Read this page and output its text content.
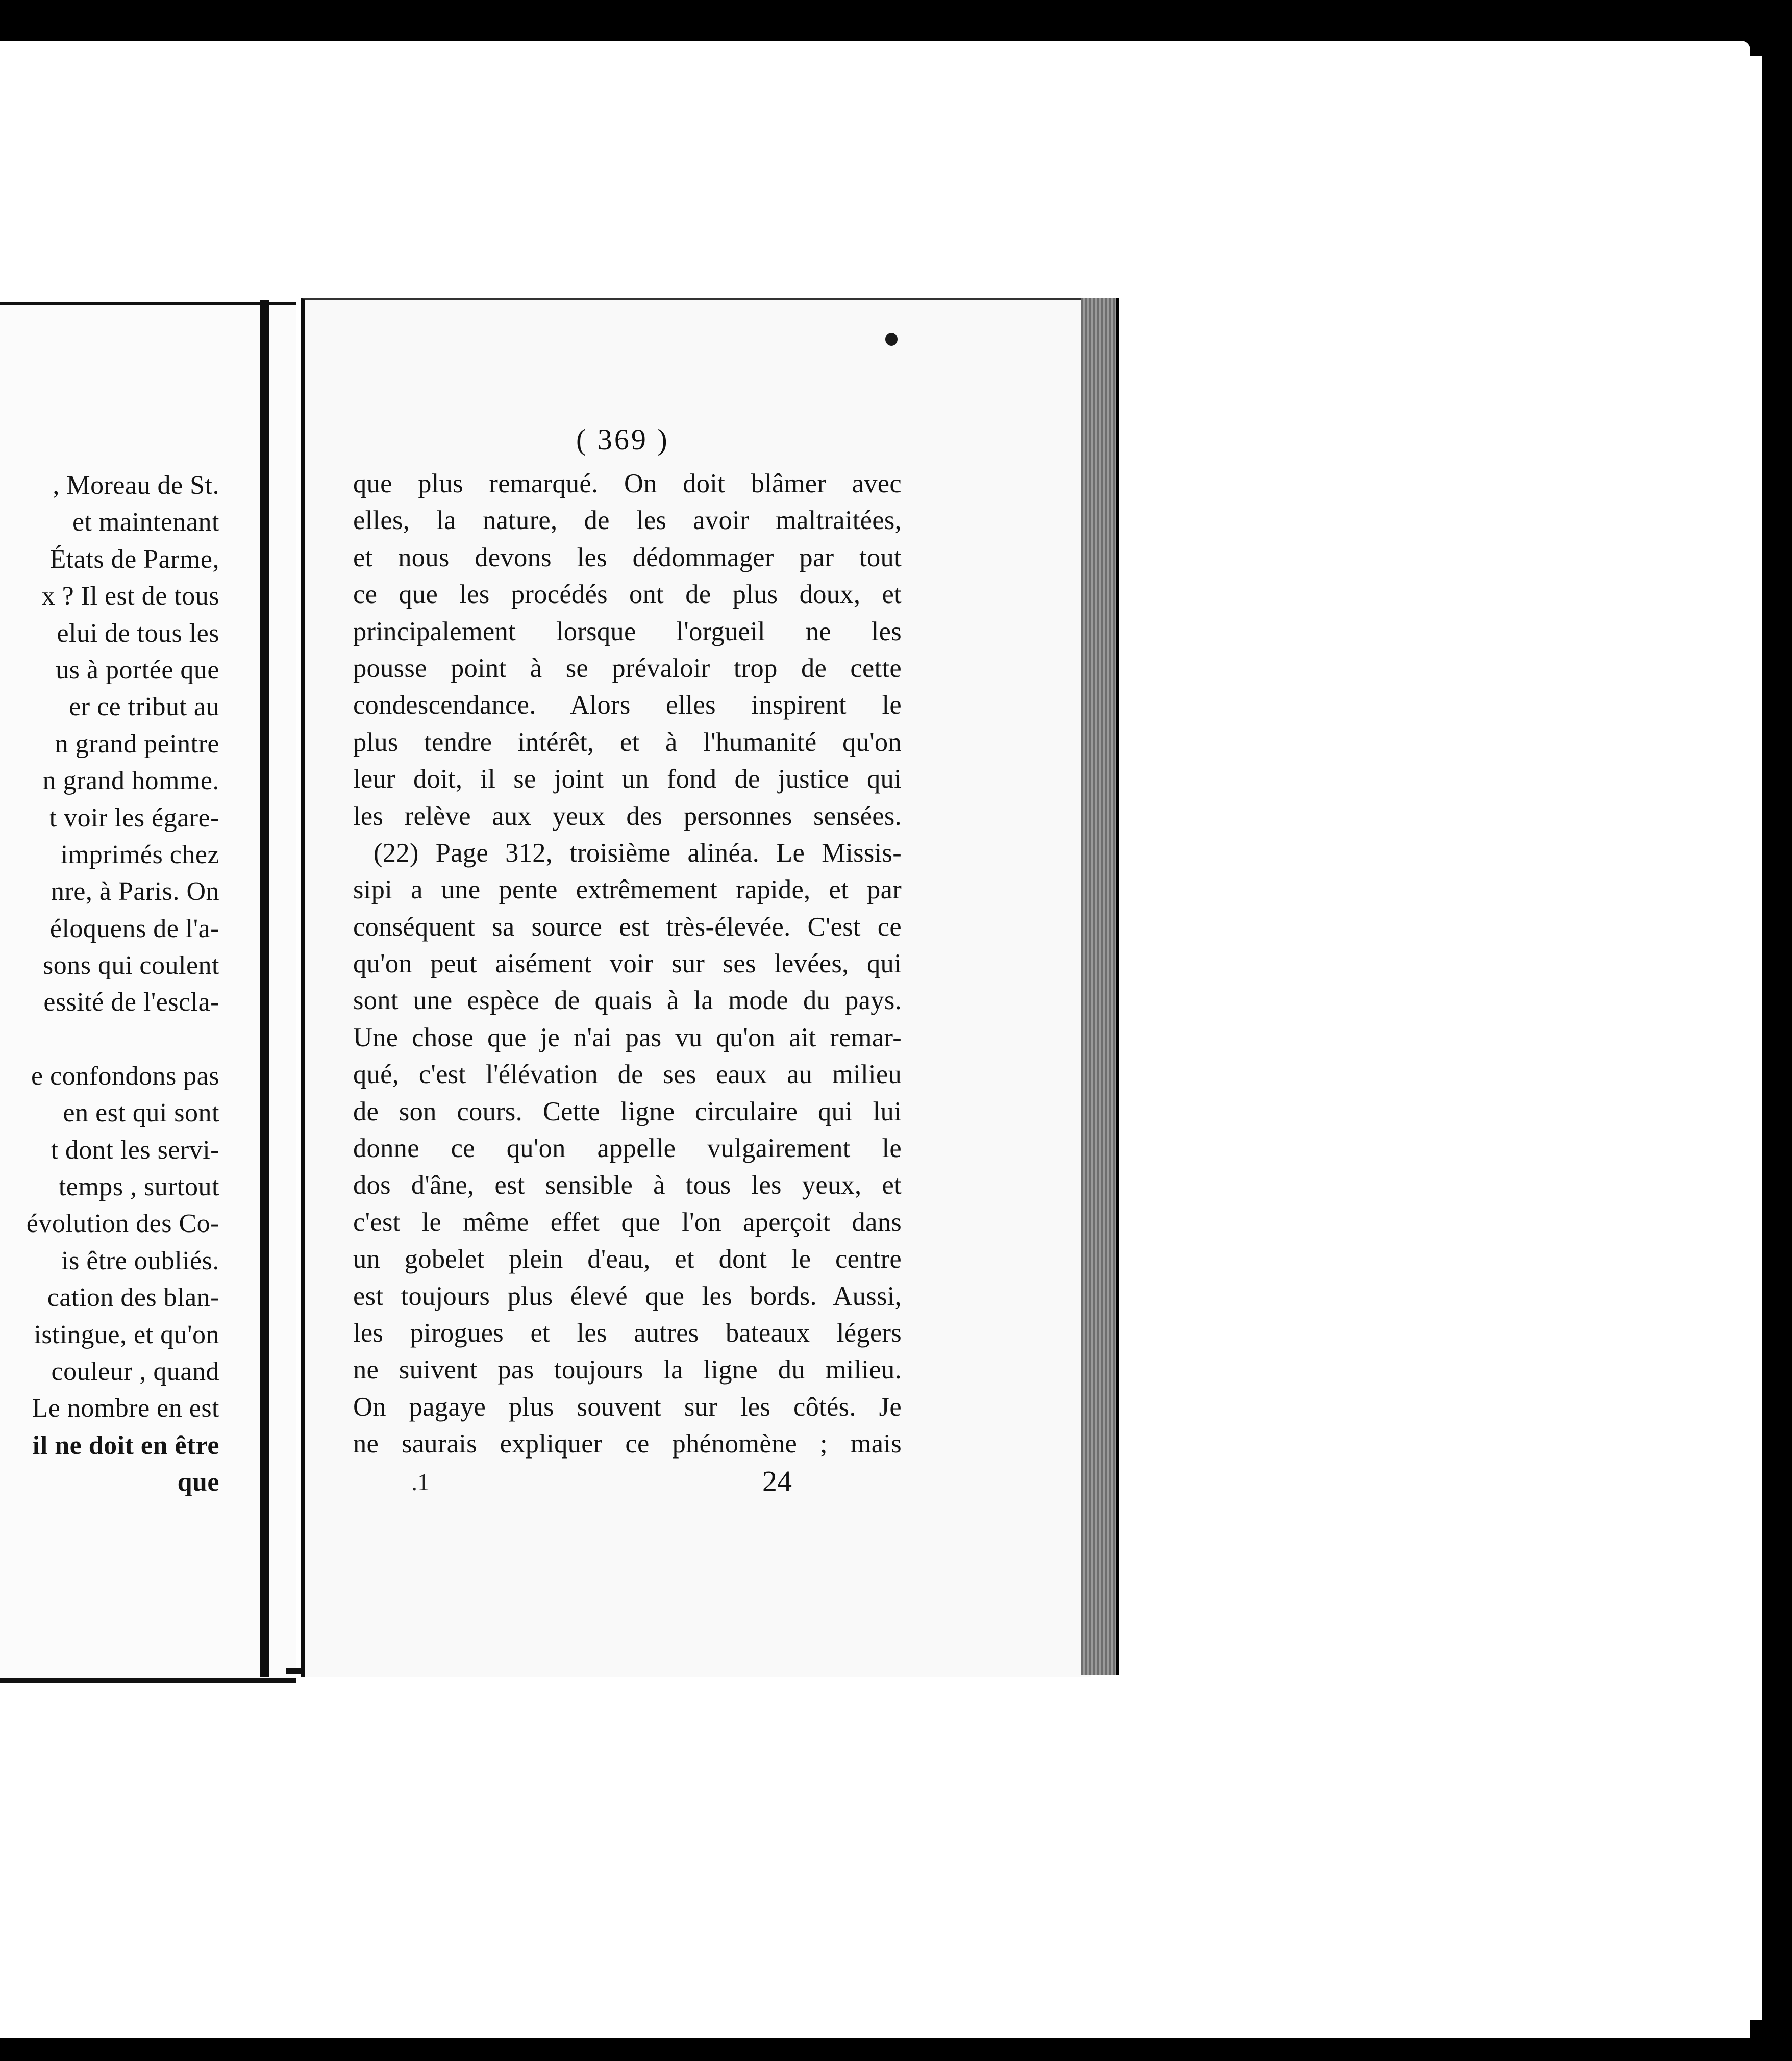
, Moreau de St.
et maintenant
États de Parme,
x ? Il est de tous
elui de tous les
us à portée que
er ce tribut au
n grand peintre
n grand homme.
t voir les égare-
imprimés chez
nre, à Paris. On
éloquens de l'a-
sons qui coulent
essité de l'escla-
e confondons pas
en est qui sont
t dont les servi-
temps , surtout
évolution des Co-
is être oubliés.
cation des blan-
istingue, et qu'on
couleur , quand
Le nombre en est
il ne doit en être
que
( 369 )
que plus remarqué. On doit blâmer avec
elles, la nature, de les avoir maltraitées,
et nous devons les dédommager par tout
ce que les procédés ont de plus doux, et
principalement lorsque l'orgueil ne les
pousse point à se prévaloir trop de cette
condescendance. Alors elles inspirent le
plus tendre intérêt, et à l'humanité qu'on
leur doit, il se joint un fond de justice qui
les relève aux yeux des personnes sensées.
(22) Page 312, troisième alinéa. Le Missis-
sipi a une pente extrêmement rapide, et par
conséquent sa source est très-élevée. C'est ce
qu'on peut aisément voir sur ses levées, qui
sont une espèce de quais à la mode du pays.
Une chose que je n'ai pas vu qu'on ait remar-
qué, c'est l'élévation de ses eaux au milieu
de son cours. Cette ligne circulaire qui lui
donne ce qu'on appelle vulgairement le
dos d'âne, est sensible à tous les yeux, et
c'est le même effet que l'on aperçoit dans
un gobelet plein d'eau, et dont le centre
est toujours plus élevé que les bords. Aussi,
les pirogues et les autres bateaux légers
ne suivent pas toujours la ligne du milieu.
On pagaye plus souvent sur les côtés. Je
ne saurais expliquer ce phénomène ; mais
.1	24
